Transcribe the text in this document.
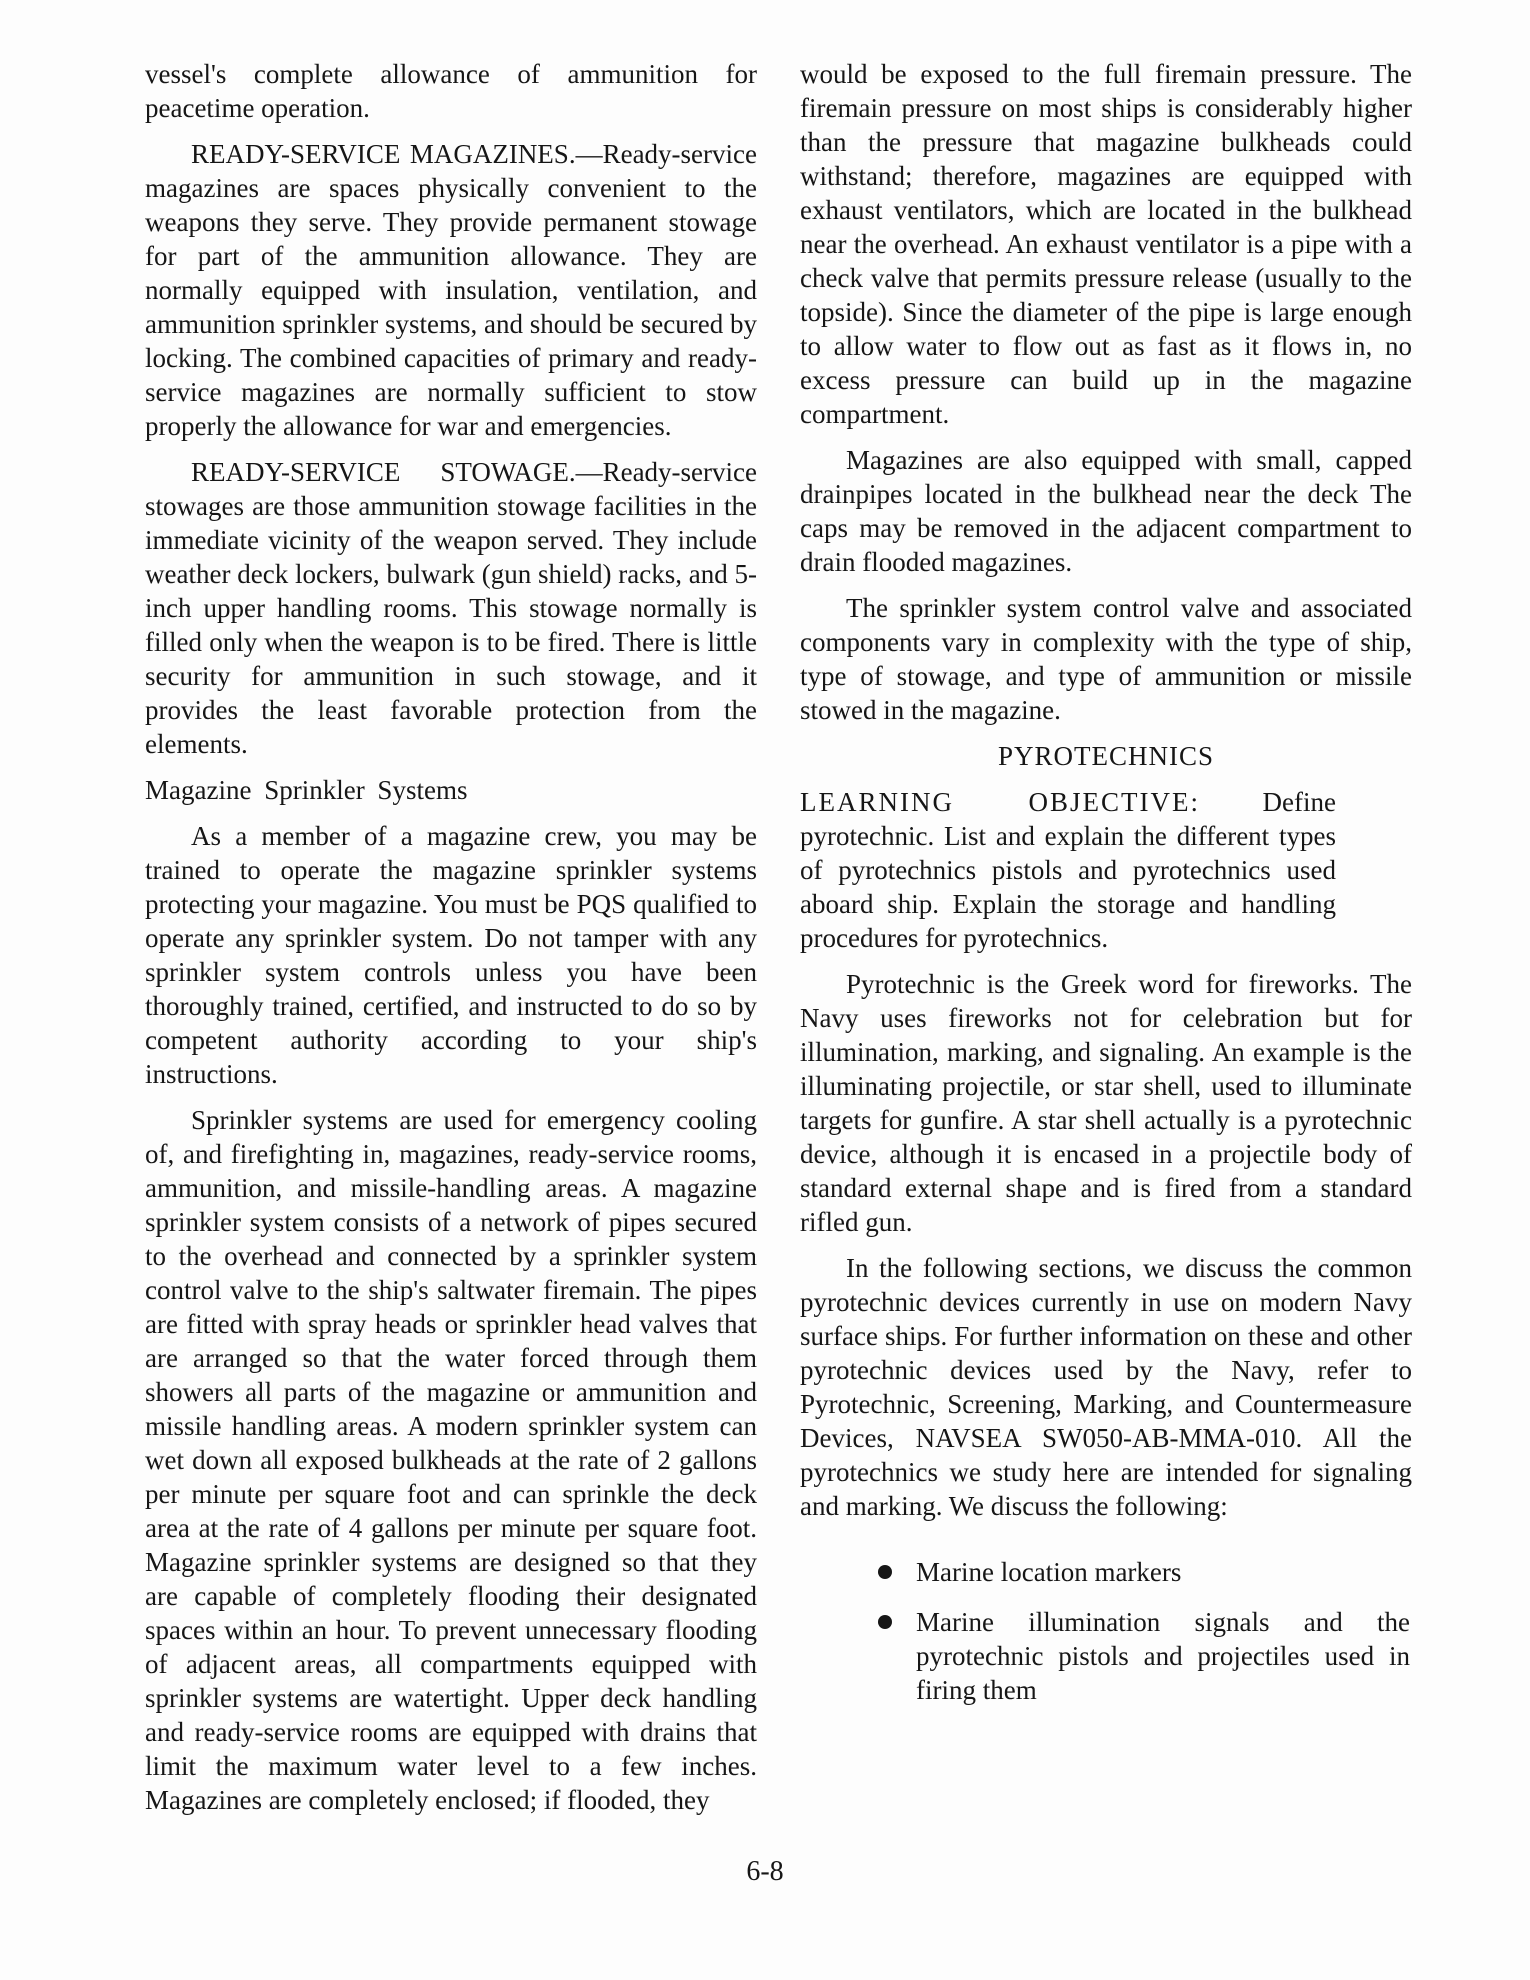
vessel's complete allowance of ammunition for peacetime operation.

READY-SERVICE MAGAZINES.—Ready-service magazines are spaces physically convenient to the weapons they serve. They provide permanent stowage for part of the ammunition allowance. They are normally equipped with insulation, ventilation, and ammunition sprinkler systems, and should be secured by locking. The combined capacities of primary and ready-service magazines are normally sufficient to stow properly the allowance for war and emergencies.

READY-SERVICE STOWAGE.—Ready-service stowages are those ammunition stowage facilities in the immediate vicinity of the weapon served. They include weather deck lockers, bulwark (gun shield) racks, and 5-inch upper handling rooms. This stowage normally is filled only when the weapon is to be fired. There is little security for ammunition in such stowage, and it provides the least favorable protection from the elements.

Magazine Sprinkler Systems

As a member of a magazine crew, you may be trained to operate the magazine sprinkler systems protecting your magazine. You must be PQS qualified to operate any sprinkler system. Do not tamper with any sprinkler system controls unless you have been thoroughly trained, certified, and instructed to do so by competent authority according to your ship's instructions.

Sprinkler systems are used for emergency cooling of, and firefighting in, magazines, ready-service rooms, ammunition, and missile-handling areas. A magazine sprinkler system consists of a network of pipes secured to the overhead and connected by a sprinkler system control valve to the ship's saltwater firemain. The pipes are fitted with spray heads or sprinkler head valves that are arranged so that the water forced through them showers all parts of the magazine or ammunition and missile handling areas. A modern sprinkler system can wet down all exposed bulkheads at the rate of 2 gallons per minute per square foot and can sprinkle the deck area at the rate of 4 gallons per minute per square foot. Magazine sprinkler systems are designed so that they are capable of completely flooding their designated spaces within an hour. To prevent unnecessary flooding of adjacent areas, all compartments equipped with sprinkler systems are watertight. Upper deck handling and ready-service rooms are equipped with drains that limit the maximum water level to a few inches. Magazines are completely enclosed; if flooded, they

would be exposed to the full firemain pressure. The firemain pressure on most ships is considerably higher than the pressure that magazine bulkheads could withstand; therefore, magazines are equipped with exhaust ventilators, which are located in the bulkhead near the overhead. An exhaust ventilator is a pipe with a check valve that permits pressure release (usually to the topside). Since the diameter of the pipe is large enough to allow water to flow out as fast as it flows in, no excess pressure can build up in the magazine compartment.

Magazines are also equipped with small, capped drainpipes located in the bulkhead near the deck The caps may be removed in the adjacent compartment to drain flooded magazines.

The sprinkler system control valve and associated components vary in complexity with the type of ship, type of stowage, and type of ammunition or missile stowed in the magazine.

PYROTECHNICS

LEARNING OBJECTIVE: Define pyrotechnic. List and explain the different types of pyrotechnics pistols and pyrotechnics used aboard ship. Explain the storage and handling procedures for pyrotechnics.

Pyrotechnic is the Greek word for fireworks. The Navy uses fireworks not for celebration but for illumination, marking, and signaling. An example is the illuminating projectile, or star shell, used to illuminate targets for gunfire. A star shell actually is a pyrotechnic device, although it is encased in a projectile body of standard external shape and is fired from a standard rifled gun.

In the following sections, we discuss the common pyrotechnic devices currently in use on modern Navy surface ships. For further information on these and other pyrotechnic devices used by the Navy, refer to Pyrotechnic, Screening, Marking, and Countermeasure Devices, NAVSEA SW050-AB-MMA-010. All the pyrotechnics we study here are intended for signaling and marking. We discuss the following:

Marine location markers
Marine illumination signals and the pyrotechnic pistols and projectiles used in firing them
6-8
